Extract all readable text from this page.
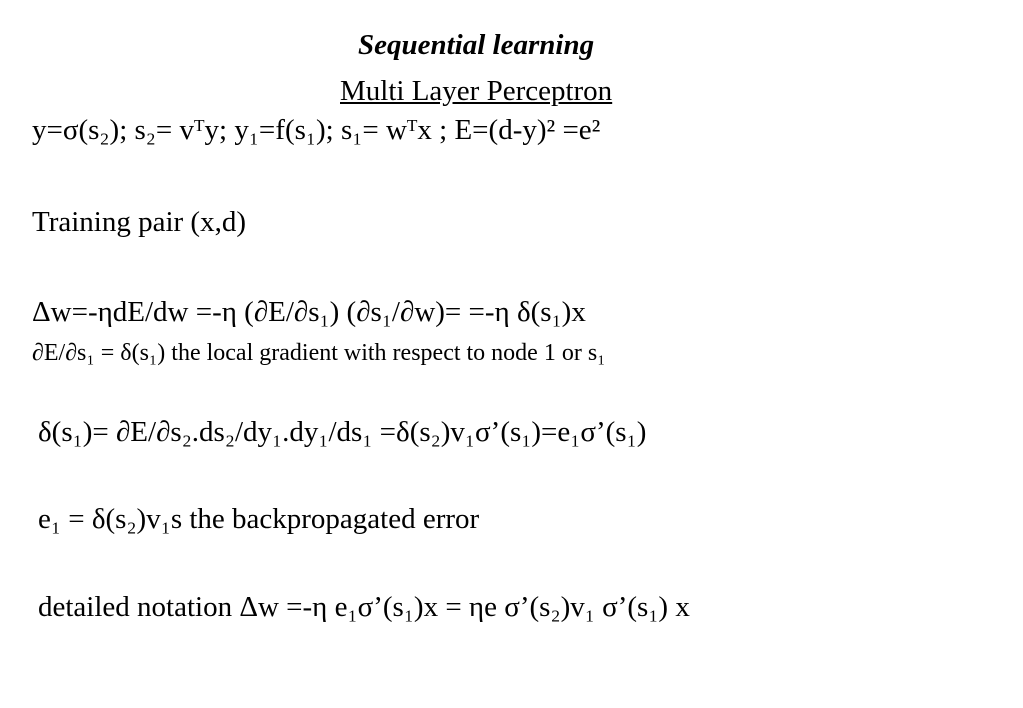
Sequential learning
Multi Layer Perceptron
y=σ(s₂); s₂= vᵀy; y₁=f(s₁); s₁= wᵀx ; E=(d-y)² =e²
Training pair (x,d)
Δw=-ηdE/dw =-η (∂E/∂s₁) (∂s₁/∂w)= =-η δ(s₁)x
∂E/∂s₁ = δ(s₁) the local gradient with respect to node 1 or s₁
δ(s₁)= ∂E/∂s₂.ds₂/dy₁.dy₁/ds₁ =δ(s₂)v₁σ’(s₁)=e₁σ’(s₁)
e₁ = δ(s₂)v₁s the backpropagated error
detailed notation Δw =-η e₁σ’(s₁)x = ηe σ’(s₂)v₁ σ’(s₁) x
